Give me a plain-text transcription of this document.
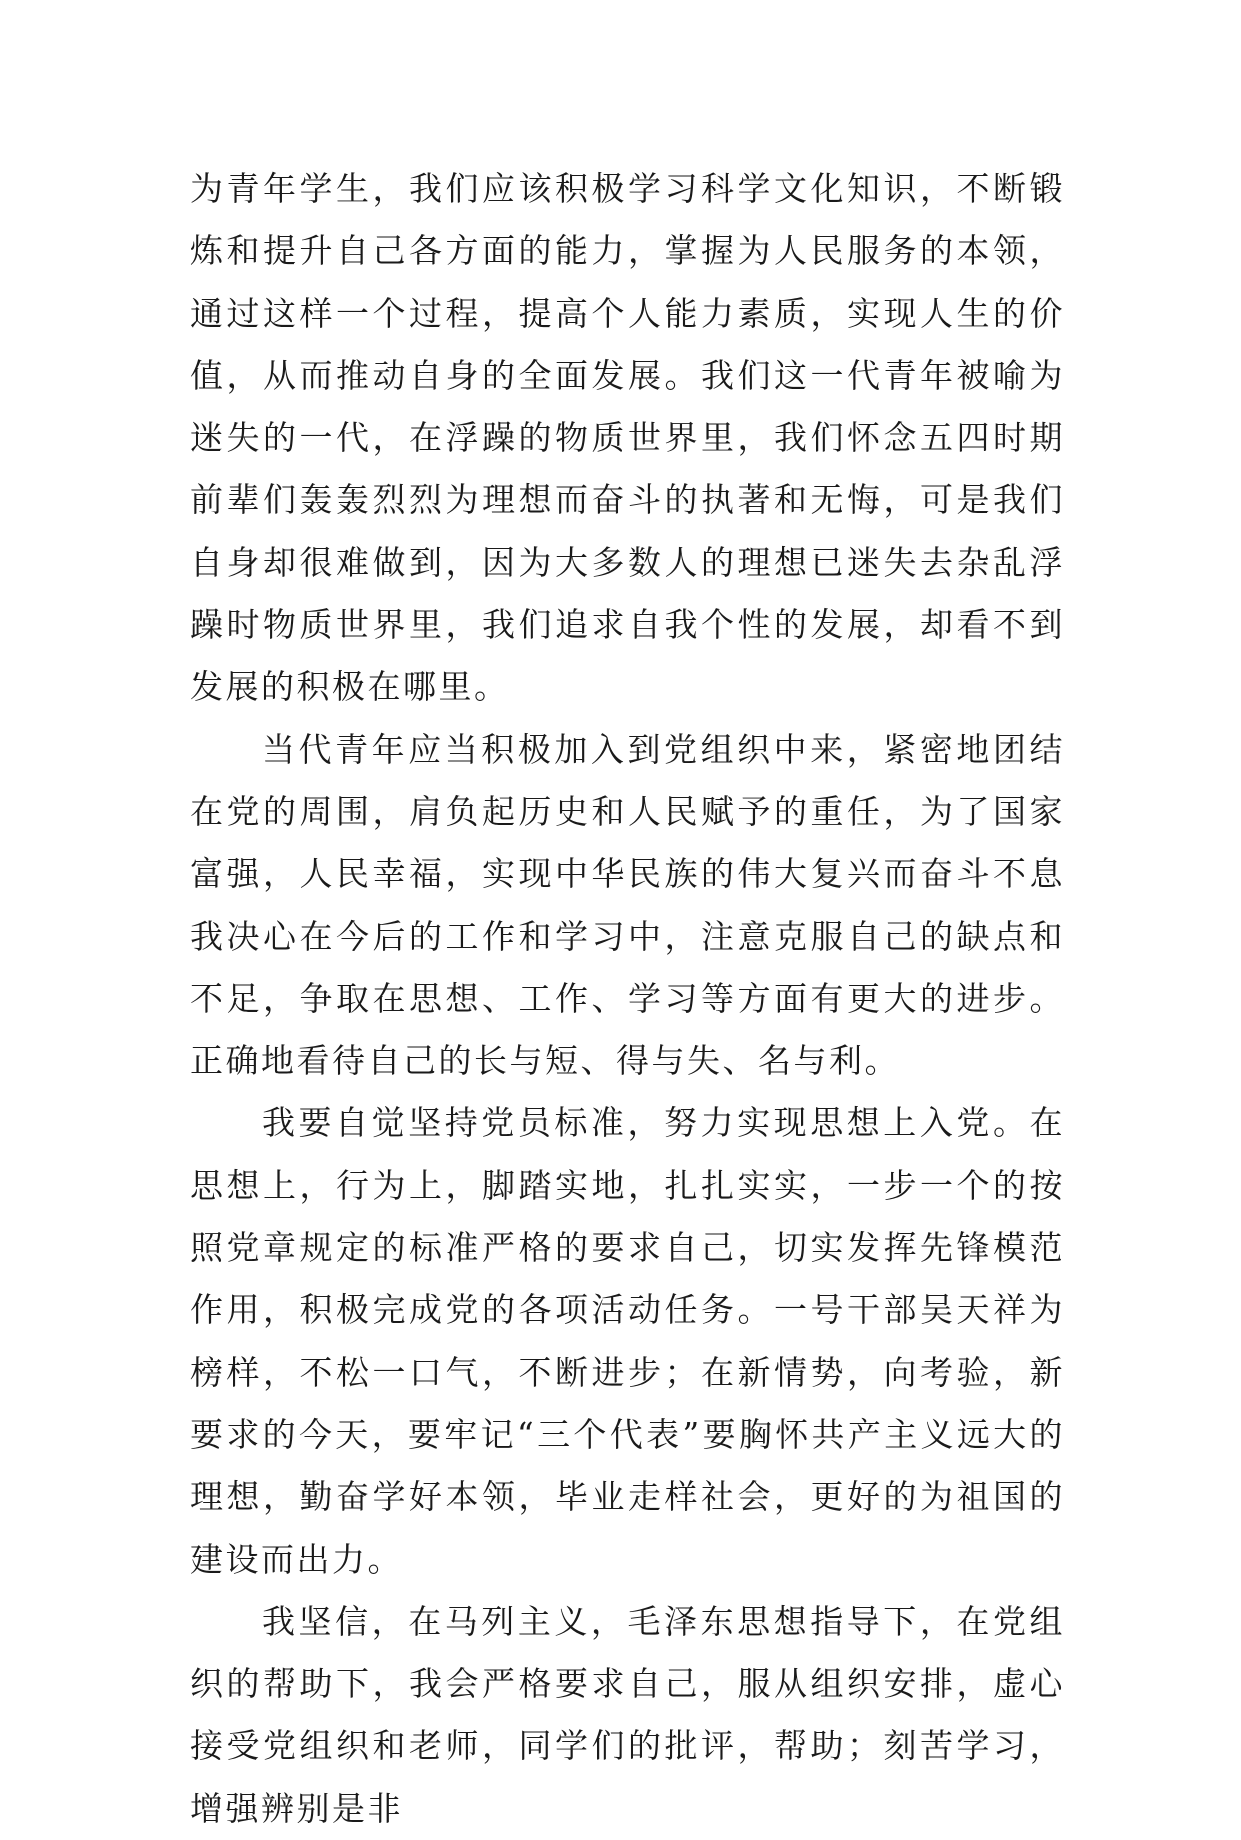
为青年学生，我们应该积极学习科学文化知识，不断锻炼和提升自己各方面的能力，掌握为人民服务的本领，通过这样一个过程，提高个人能力素质，实现人生的价值，从而推动自身的全面发展。我们这一代青年被喻为迷失的一代，在浮躁的物质世界里，我们怀念五四时期前辈们轰轰烈烈为理想而奋斗的执著和无悔，可是我们自身却很难做到，因为大多数人的理想已迷失去杂乱浮躁时物质世界里，我们追求自我个性的发展，却看不到发展的积极在哪里。

当代青年应当积极加入到党组织中来，紧密地团结在党的周围，肩负起历史和人民赋予的重任，为了国家富强，人民幸福，实现中华民族的伟大复兴而奋斗不息我决心在今后的工作和学习中，注意克服自己的缺点和不足，争取在思想、工作、学习等方面有更大的进步。正确地看待自己的长与短、得与失、名与利。

我要自觉坚持党员标准，努力实现思想上入党。在思想上，行为上，脚踏实地，扎扎实实，一步一个的按照党章规定的标准严格的要求自己，切实发挥先锋模范作用，积极完成党的各项活动任务。一号干部吴天祥为榜样，不松一口气，不断进步；在新情势，向考验，新要求的今天，要牢记“三个代表”要胸怀共产主义远大的理想，勤奋学好本领，毕业走样社会，更好的为祖国的建设而出力。

我坚信，在马列主义，毛泽东思想指导下，在党组织的帮助下，我会严格要求自己，服从组织安排，虚心接受党组织和老师，同学们的批评，帮助；刻苦学习，增强辨别是非
